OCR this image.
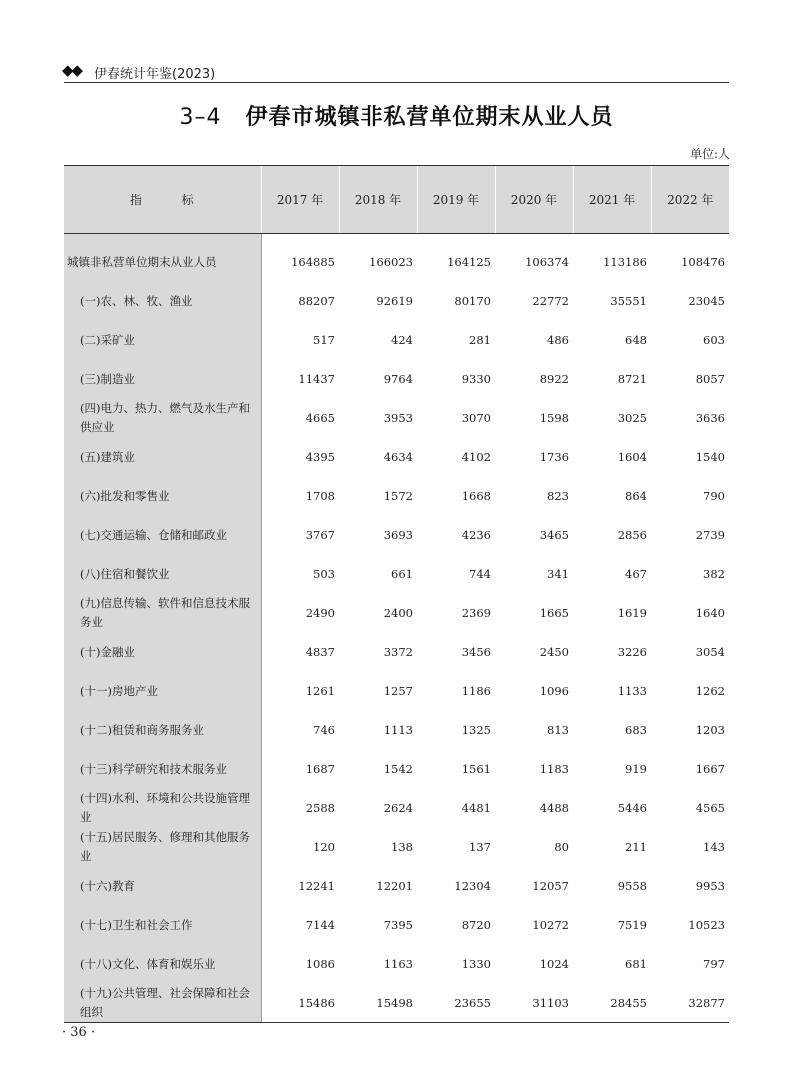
◆◆ 伊春统计年鉴(2023)
3–4 伊春市城镇非私营单位期末从业人员
单位:人
指 标	2017 年	2018 年	2019 年	2020 年	2021 年	2022 年

城镇非私营单位期末从业人员	164885	166023	164125	106374	113186	108476
(一)农、林、牧、渔业	88207	92619	80170	22772	35551	23045
(二)采矿业	517	424	281	486	648	603
(三)制造业	11437	9764	9330	8922	8721	8057
(四)电力、热力、燃气及水生产和供应业	4665	3953	3070	1598	3025	3636
(五)建筑业	4395	4634	4102	1736	1604	1540
(六)批发和零售业	1708	1572	1668	823	864	790
(七)交通运输、仓储和邮政业	3767	3693	4236	3465	2856	2739
(八)住宿和餐饮业	503	661	744	341	467	382
(九)信息传输、软件和信息技术服务业	2490	2400	2369	1665	1619	1640
(十)金融业	4837	3372	3456	2450	3226	3054
(十一)房地产业	1261	1257	1186	1096	1133	1262
(十二)租赁和商务服务业	746	1113	1325	813	683	1203
(十三)科学研究和技术服务业	1687	1542	1561	1183	919	1667
(十四)水利、环境和公共设施管理业	2588	2624	4481	4488	5446	4565
(十五)居民服务、修理和其他服务业	120	138	137	80	211	143
(十六)教育	12241	12201	12304	12057	9558	9953
(十七)卫生和社会工作	7144	7395	8720	10272	7519	10523
(十八)文化、体育和娱乐业	1086	1163	1330	1024	681	797
(十九)公共管理、社会保障和社会组织	15486	15498	23655	31103	28455	32877
· 36 ·
